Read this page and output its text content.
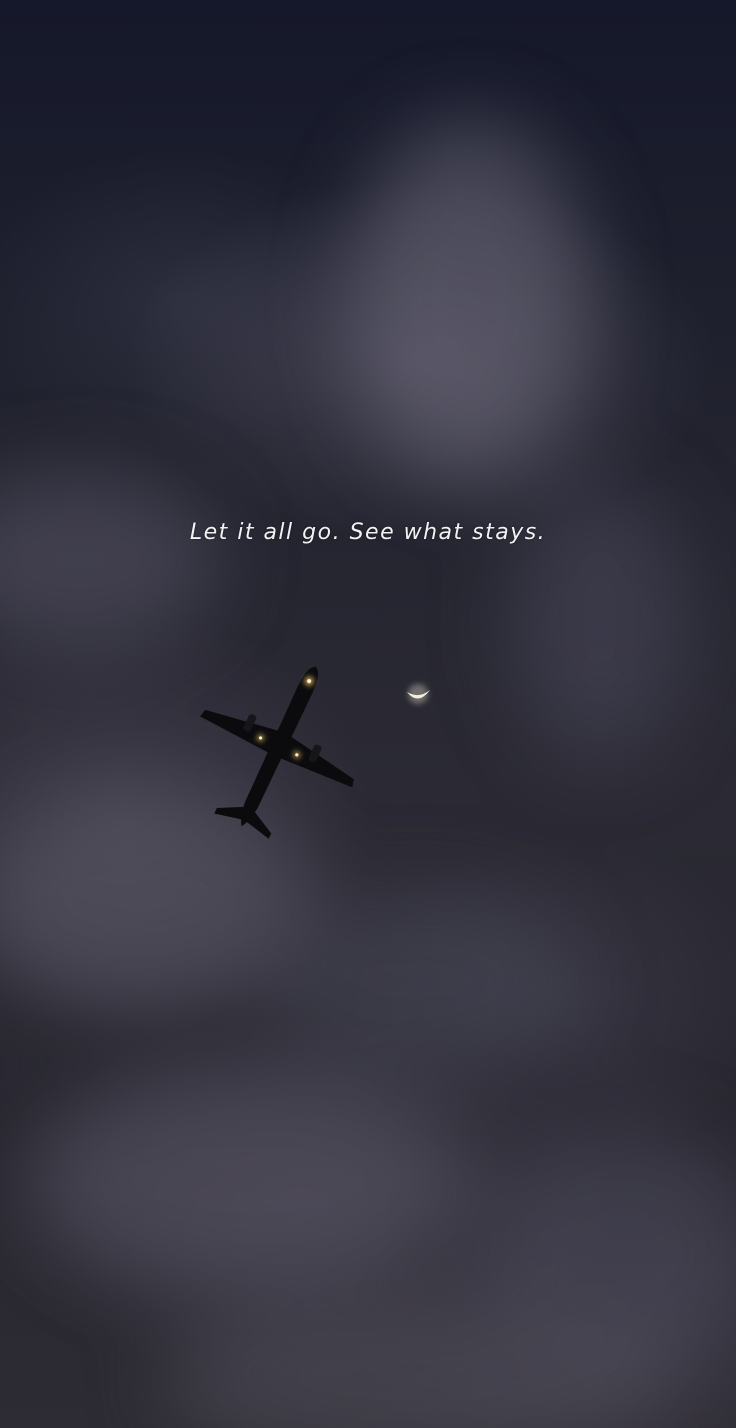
Let it all go. See what stays.
